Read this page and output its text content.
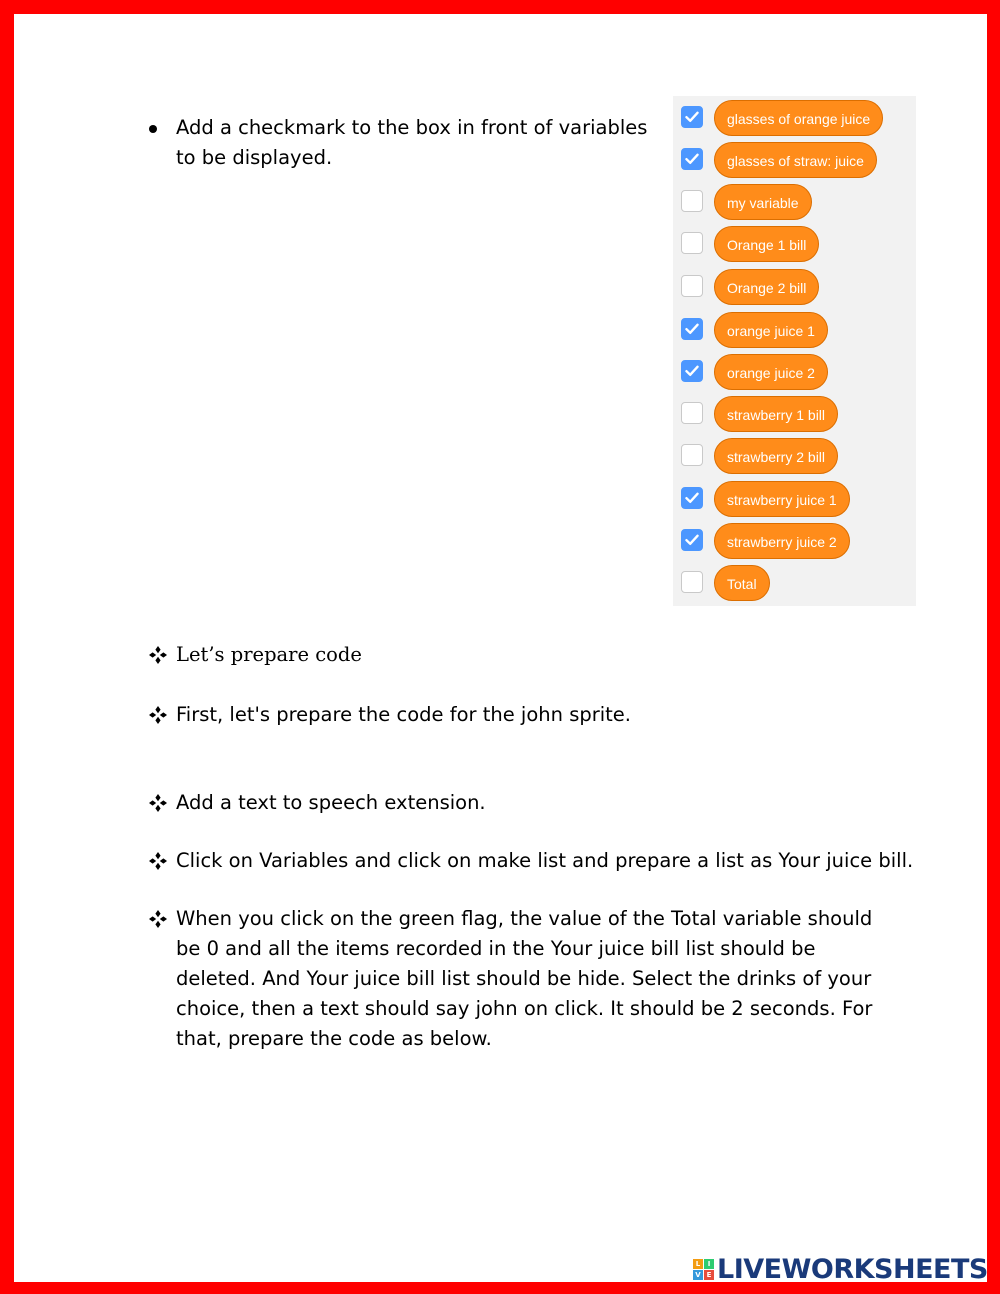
Add a checkmark to the box in front of variables to be displayed.
glasses of orange juice
glasses of straw: juice
my variable
Orange 1 bill
Orange 2 bill
orange juice 1
orange juice 2
strawberry 1 bill
strawberry 2 bill
strawberry juice 1
strawberry juice 2
Total
Let’s prepare code
First, let's prepare the code for the john sprite.
Add a text to speech extension.
Click on Variables and click on make list and prepare a list as Your juice bill.
When you click on the green flag, the value of the Total variable should be 0 and all the items recorded in the Your juice bill list should be deleted. And Your juice bill list should be hide. Select the drinks of your choice, then a text should say john on click. It should be 2 seconds. For that, prepare the code as below.
L	I
V E LIVEWORKSHEETS
